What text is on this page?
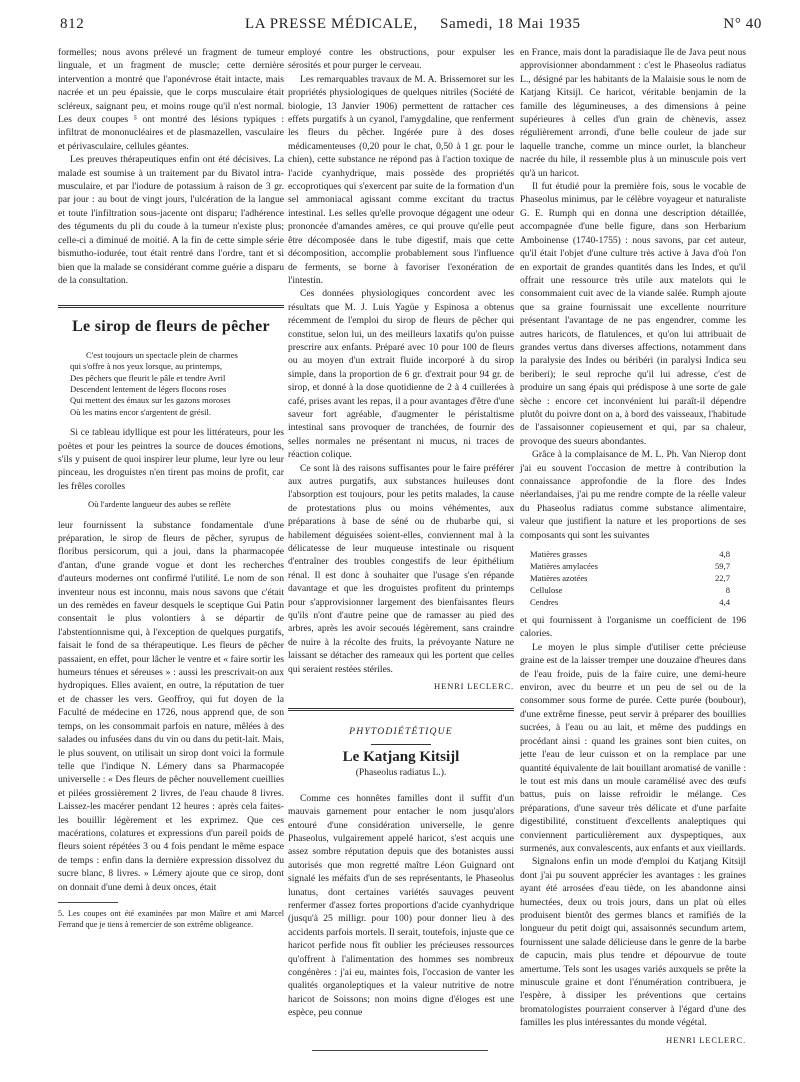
812	LA PRESSE MÉDICALE, Samedi, 18 Mai 1935	N° 40

formelles; nous avons prélevé un fragment de tumeur linguale, et un fragment de muscle; cette dernière intervention a montré que l'aponévrose était intacte, mais nacrée et un peu épaissie, que le corps musculaire était scléreux, saignant peu, et moins rouge qu'il n'est normal. Les deux coupes ⁵ ont montré des lésions typiques : infiltrat de mononucléaires et de plasmazellen, vasculaire et périvasculaire, cellules géantes.

Les preuves thérapeutiques enfin ont été décisives. La malade est soumise à un traitement par du Bivatol intra-musculaire, et par l'iodure de potassium à raison de 3 gr. par jour : au bout de vingt jours, l'ulcération de la langue et toute l'infiltration sous-jacente ont disparu; l'adhérence des téguments du pli du coude à la tumeur n'existe plus; celle-ci a diminué de moitié. A la fin de cette simple série bismutho-iodurée, tout était rentré dans l'ordre, tant et si bien que la malade se considérant comme guérie a disparu de la consultation.

Le sirop de fleurs de pêcher
C'est toujours un spectacle plein de charmes
qui s'offre à nos yeux lorsque, au printemps,
Des pêchers que fleurit le pâle et tendre Avril
Descendent lentement de légers flocons roses
Qui mettent des émaux sur les gazons moroses
Où les matins encor s'argentent de grésil.

Si ce tableau idyllique est pour les littérateurs, pour les poètes et pour les peintres la source de douces émotions, s'ils y puisent de quoi inspirer leur plume, leur lyre ou leur pinceau, les droguistes n'en tirent pas moins de profit, car les frêles corolles

Où l'ardente langueur des aubes se reflète

leur fournissent la substance fondamentale d'une préparation, le sirop de fleurs de pêcher, syrupus de floribus persicorum, qui a joui, dans la pharmacopée d'antan, d'une grande vogue et dont les recherches d'auteurs modernes ont confirmé l'utilité. Le nom de son inventeur nous est inconnu, mais nous savons que c'était un des remèdes en faveur desquels le sceptique Gui Patin consentait le plus volontiers à se départir de l'abstentionnisme qui, à l'exception de quelques purgatifs, faisait le fond de sa thérapeutique. Les fleurs de pêcher passaient, en effet, pour lâcher le ventre et « faire sortir les humeurs ténues et séreuses » : aussi les prescrivait-on aux hydropiques. Elles avaient, en outre, la réputation de tuer et de chasser les vers. Geoffroy, qui fut doyen de la Faculté de médecine en 1726, nous apprend que, de son temps, on les consommait parfois en nature, mêlées à des salades ou infusées dans du vin ou dans du petit-lait. Mais, le plus souvent, on utilisait un sirop dont voici la formule telle que l'indique N. Lémery dans sa Pharmacopée universelle : « Des fleurs de pêcher nouvellement cueillies et pilées grossièrement 2 livres, de l'eau chaude 8 livres. Laissez-les macérer pendant 12 heures : après cela faites-les bouillir légèrement et les exprimez. Que ces macérations, colatures et expressions d'un pareil poids de fleurs soient répétées 3 ou 4 fois pendant le même espace de temps : enfin dans la dernière expression dissolvez du sucre blanc, 8 livres. » Lémery ajoute que ce sirop, dont on donnait d'une demi à deux onces, était

5. Les coupes ont été examinées par mon Maître et ami Marcel Ferrand que je tiens à remercier de son extrême obligeance.

employé contre les obstructions, pour expulser les sérosités et pour purger le cerveau.

Les remarquables travaux de M. A. Brissemoret sur les propriétés physiologiques de quelques nitriles (Société de biologie, 13 Janvier 1906) permettent de rattacher ces effets purgatifs à un cyanol, l'amygdaline, que renferment les fleurs du pêcher. Ingérée pure à des doses médicamenteuses (0,20 pour le chat, 0,50 à 1 gr. pour le chien), cette substance ne répond pas à l'action toxique de l'acide cyanhydrique, mais possède des propriétés eccoprotiques qui s'exercent par suite de la formation d'un sel ammoniacal agissant comme excitant du tractus intestinal. Les selles qu'elle provoque dégagent une odeur prononcée d'amandes amères, ce qui prouve qu'elle peut être décomposée dans le tube digestif, mais que cette décomposition, accomplie probablement sous l'influence de ferments, se borne à favoriser l'exonération de l'intestin.

Ces données physiologiques concordent avec les résultats que M. J. Luis Yagüe y Espinosa a obtenus récemment de l'emploi du sirop de fleurs de pêcher qui constitue, selon lui, un des meilleurs laxatifs qu'on puisse prescrire aux enfants. Préparé avec 10 pour 100 de fleurs ou au moyen d'un extrait fluide incorporé à du sirop simple, dans la proportion de 6 gr. d'extrait pour 94 gr. de sirop, et donné à la dose quotidienne de 2 à 4 cuillerées à café, prises avant les repas, il a pour avantages d'être d'une saveur fort agréable, d'augmenter le péristaltisme intestinal sans provoquer de tranchées, de fournir des selles normales ne présentant ni mucus, ni traces de réaction colique.

Ce sont là des raisons suffisantes pour le faire préférer aux autres purgatifs, aux substances huileuses dont l'absorption est toujours, pour les petits malades, la cause de protestations plus ou moins véhémentes, aux préparations à base de séné ou de rhubarbe qui, si habilement déguisées soient-elles, conviennent mal à la délicatesse de leur muqueuse intestinale ou risquent d'entraîner des troubles congestifs de leur épithélium rénal. Il est donc à souhaiter que l'usage s'en répande davantage et que les droguistes profitent du printemps pour s'approvisionner largement des bienfaisantes fleurs qu'ils n'ont d'autre peine que de ramasser au pied des arbres, après les avoir secoués légèrement, sans craindre de nuire à la récolte des fruits, la prévoyante Nature ne laissant se détacher des rameaux qui les portent que celles qui seraient restées stériles.

HENRI LECLERC.
PHYTODIÉTÉTIQUE
Le Katjang Kitsijl
(Phaseolus radiatus L.).

Comme ces honnêtes familles dont il suffit d'un mauvais garnement pour entacher le nom jusqu'alors entouré d'une considération universelle, le genre Phaseolus, vulgairement appelé haricot, s'est acquis une assez sombre réputation depuis que des botanistes aussi autorisés que mon regretté maître Léon Guignard ont signalé les méfaits d'un de ses représentants, le Phaseolus lunatus, dont certaines variétés sauvages peuvent renfermer d'assez fortes proportions d'acide cyanhydrique (jusqu'à 25 milligr. pour 100) pour donner lieu à des accidents parfois mortels. Il serait, toutefois, injuste que ce haricot perfide nous fît oublier les précieuses ressources qu'offrent à l'alimentation des hommes ses nombreux congénères : j'ai eu, maintes fois, l'occasion de vanter les qualités organoleptiques et la valeur nutritive de notre haricot de Soissons; non moins digne d'éloges est une espèce, peu connue

en France, mais dont la paradisiaque île de Java peut nous approvisionner abondamment : c'est le Phaseolus radiatus L., désigné par les habitants de la Malaisie sous le nom de Katjang Kitsijl. Ce haricot, véritable benjamin de la famille des légumineuses, a des dimensions à peine supérieures à celles d'un grain de chènevis, assez régulièrement arrondi, d'une belle couleur de jade sur laquelle tranche, comme un mince ourlet, la blancheur nacrée du hile, il ressemble plus à un minuscule pois vert qu'à un haricot.

Il fut étudié pour la première fois, sous le vocable de Phaseolus minimus, par le célèbre voyageur et naturaliste G. E. Rumph qui en donna une description détaillée, accompagnée d'une belle figure, dans son Herbarium Amboinense (1740-1755) : nous savons, par cet auteur, qu'il était l'objet d'une culture très active à Java d'où l'on en exportait de grandes quantités dans les Indes, et qu'il offrait une ressource très utile aux matelots qui le consommaient cuit avec de la viande salée. Rumph ajoute que sa graine fournissait une excellente nourriture présentant l'avantage de ne pas engendrer, comme les autres haricots, de flatulences, et qu'on lui attribuait de grandes vertus dans diverses affections, notamment dans la paralysie des Indes ou béribéri (in paralysi Indica seu beriberi); le seul reproche qu'il lui adresse, c'est de produire un sang épais qui prédispose à une sorte de gale sèche : encore cet inconvénient lui paraît-il dépendre plutôt du poivre dont on a, à bord des vaisseaux, l'habitude de l'assaisonner copieusement et qui, par sa chaleur, provoque des sueurs abondantes.

Grâce à la complaisance de M. L. Ph. Van Nierop dont j'ai eu souvent l'occasion de mettre à contribution la connaissance approfondie de la flore des Indes néerlandaises, j'ai pu me rendre compte de la réelle valeur du Phaseolus radiatus comme substance alimentaire, valeur que justifient la nature et les proportions de ses composants qui sont les suivantes

Matières grasses	4,8
Matières amylacées	59,7
Matières azotées	22,7
Cellulose	8
Cendres	4,4

et qui fournissent à l'organisme un coefficient de 196 calories.

Le moyen le plus simple d'utiliser cette précieuse graine est de la laisser tremper une douzaine d'heures dans de l'eau froide, puis de la faire cuire, une demi-heure environ, avec du beurre et un peu de sel ou de la consommer sous forme de purée. Cette purée (boubour), d'une extrême finesse, peut servir à préparer des bouillies sucrées, à l'eau ou au lait, et même des puddings en procédant ainsi : quand les graines sont bien cuites, on jette l'eau de leur cuisson et on la remplace par une quantité équivalente de lait bouillant aromatisé de vanille : le tout est mis dans un moule caramélisé avec des œufs battus, puis on laisse refroidir le mélange. Ces préparations, d'une saveur très délicate et d'une parfaite digestibilité, constituent d'excellents analeptiques qui conviennent particulièrement aux dyspeptiques, aux surmenés, aux convalescents, aux enfants et aux vieillards.

Signalons enfin un mode d'emploi du Katjang Kitsijl dont j'ai pu souvent apprécier les avantages : les graines ayant été arrosées d'eau tiède, on les abandonne ainsi humectées, deux ou trois jours, dans un plat où elles produisent bientôt des germes blancs et ramifiés de la longueur du petit doigt qui, assaisonnés secundum artem, fournissent une salade délicieuse dans le genre de la barbe de capucin, mais plus tendre et dépourvue de toute amertume. Tels sont les usages variés auxquels se prête la minuscule graine et dont l'énumération contribuera, je l'espère, à dissiper les préventions que certains bromatologistes pourraient conserver à l'égard d'une des familles les plus intéressantes du monde végétal.

HENRI LECLERC.
